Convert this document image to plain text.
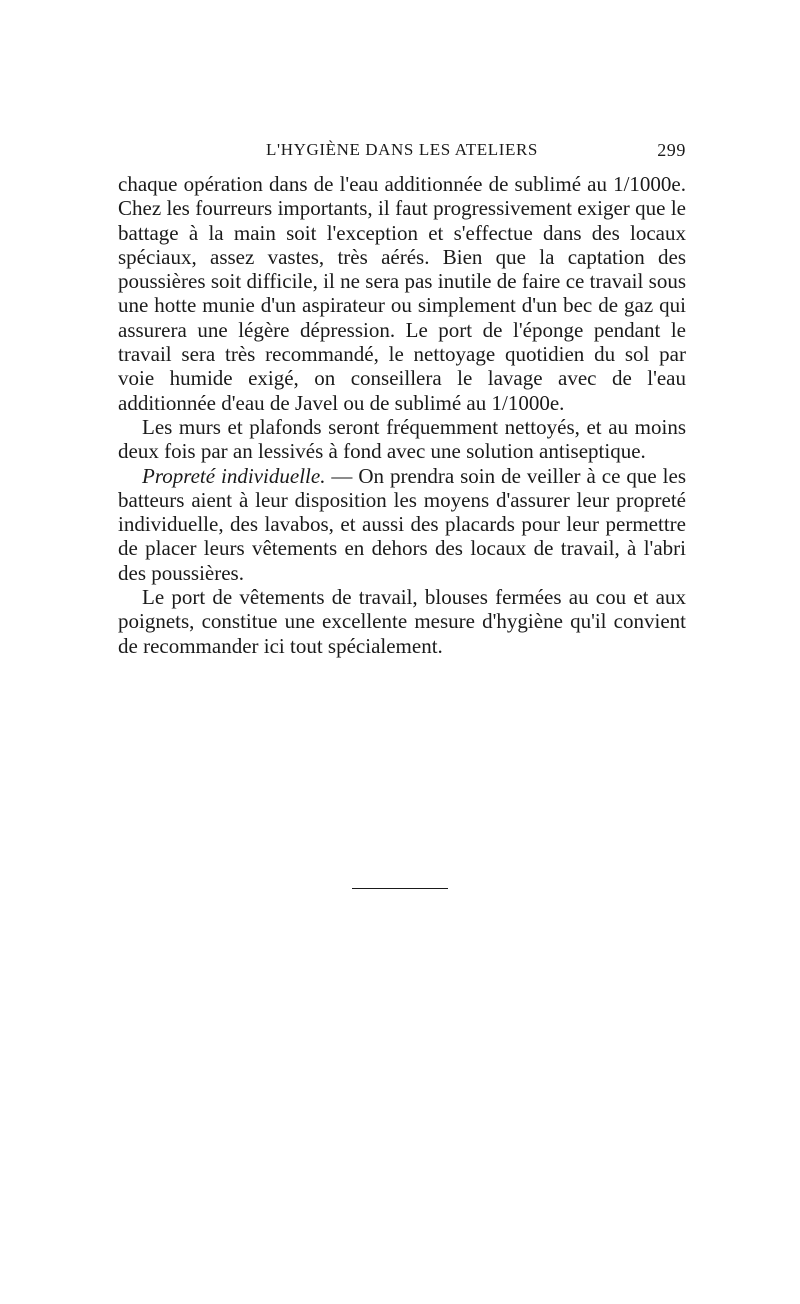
L'HYGIÈNE DANS LES ATELIERS	299

chaque opération dans de l'eau additionnée de sublimé au 1/1000e. Chez les fourreurs importants, il faut progressivement exiger que le battage à la main soit l'exception et s'effectue dans des locaux spéciaux, assez vastes, très aérés. Bien que la captation des poussières soit difficile, il ne sera pas inutile de faire ce travail sous une hotte munie d'un aspirateur ou simplement d'un bec de gaz qui assurera une légère dépression. Le port de l'éponge pendant le travail sera très recommandé, le nettoyage quotidien du sol par voie humide exigé, on conseillera le lavage avec de l'eau additionnée d'eau de Javel ou de sublimé au 1/1000e.

Les murs et plafonds seront fréquemment nettoyés, et au moins deux fois par an lessivés à fond avec une solution antiseptique.

Propreté individuelle. — On prendra soin de veiller à ce que les batteurs aient à leur disposition les moyens d'assurer leur propreté individuelle, des lavabos, et aussi des placards pour leur permettre de placer leurs vêtements en dehors des locaux de travail, à l'abri des poussières.

Le port de vêtements de travail, blouses fermées au cou et aux poignets, constitue une excellente mesure d'hygiène qu'il convient de recommander ici tout spécialement.
